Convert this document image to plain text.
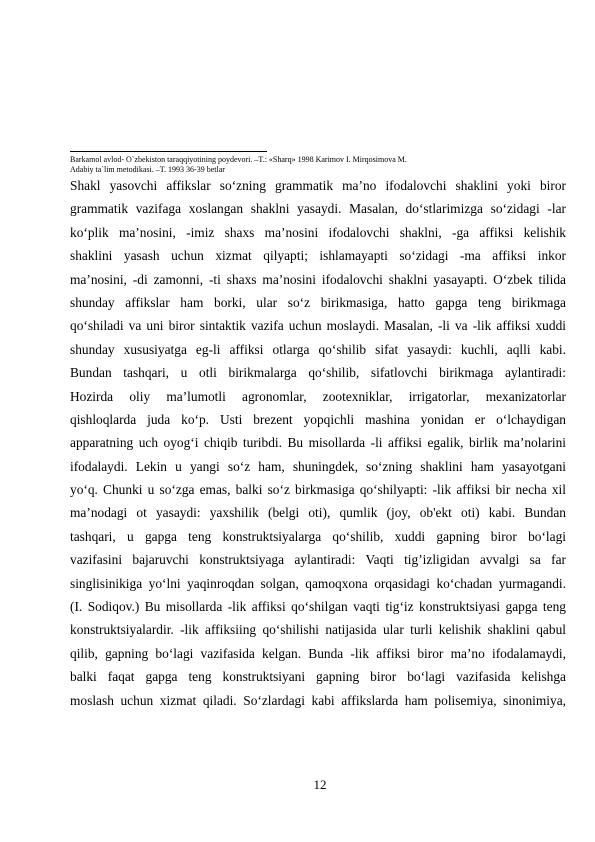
Barkamol avlod- O`zbekiston taraqqiyotining poydevori. –T.: «Sharq» 1998 Karimov I. Mirqosimova M.
Adabiy ta`lim metodikasi. –T. 1993 36-39 betlar
Shakl yasovchi affikslar so‘zning grammatik ma’no ifodalovchi shaklini yoki biror
grammatik vazifaga xoslangan shaklni yasaydi. Masalan, do‘stlarimizga so‘zidagi -lar
ko‘plik ma’nosini, -imiz shaxs ma’nosini ifodalovchi shaklni, -ga affiksi kelishik
shaklini yasash uchun xizmat qilyapti; ishlamayapti so‘zidagi -ma affiksi inkor
ma’nosini, -di zamonni, -ti shaxs ma’nosini ifodalovchi shaklni yasayapti. O‘zbek tilida
shunday affikslar ham borki, ular so‘z birikmasiga, hatto gapga teng birikmaga
qo‘shiladi va uni biror sintaktik vazifa uchun moslaydi. Masalan, -li va -lik affiksi xuddi
shunday xususiyatga eg-li affiksi otlarga qo‘shilib sifat yasaydi: kuchli, aqlli kabi.
Bundan tashqari, u otli birikmalarga qo‘shilib, sifatlovchi birikmaga aylantiradi:
Hozirda oliy ma’lumotli agronomlar, zootexniklar, irrigatorlar, mexanizatorlar
qishloqlarda juda ko‘p. Usti brezent yopqichli mashina yonidan er o‘lchaydigan
apparatning uch oyog‘i chiqib turibdi. Bu misollarda -li affiksi egalik, birlik ma’nolarini
ifodalaydi. Lekin u yangi so‘z ham, shuningdek, so‘zning shaklini ham yasayotgani
yo‘q. Chunki u so‘zga emas, balki so‘z birkmasiga qo‘shilyapti: -lik affiksi bir necha xil
ma’nodagi ot yasaydi: yaxshilik (belgi oti), qumlik (joy, ob'ekt oti) kabi. Bundan
tashqari, u gapga teng konstruktsiyalarga qo‘shilib, xuddi gapning biror bo‘lagi
vazifasini bajaruvchi konstruktsiyaga aylantiradi: Vaqti tig’izligidan avvalgi sa far
singlisinikiga yo‘lni yaqinroqdan solgan, qamoqxona orqasidagi ko‘chadan yurmagandi.
(I. Sodiqov.) Bu misollarda -lik affiksi qo‘shilgan vaqti tig‘iz konstruktsiyasi gapga teng
konstruktsiyalardir. -lik affiksiing qo‘shilishi natijasida ular turli kelishik shaklini qabul
qilib, gapning bo‘lagi vazifasida kelgan. Bunda -lik affiksi biror ma’no ifodalamaydi,
balki faqat gapga teng konstruktsiyani gapning biror bo‘lagi vazifasida kelishga
moslash uchun xizmat qiladi. So‘zlardagi kabi affikslarda ham polisemiya, sinonimiya,
12
